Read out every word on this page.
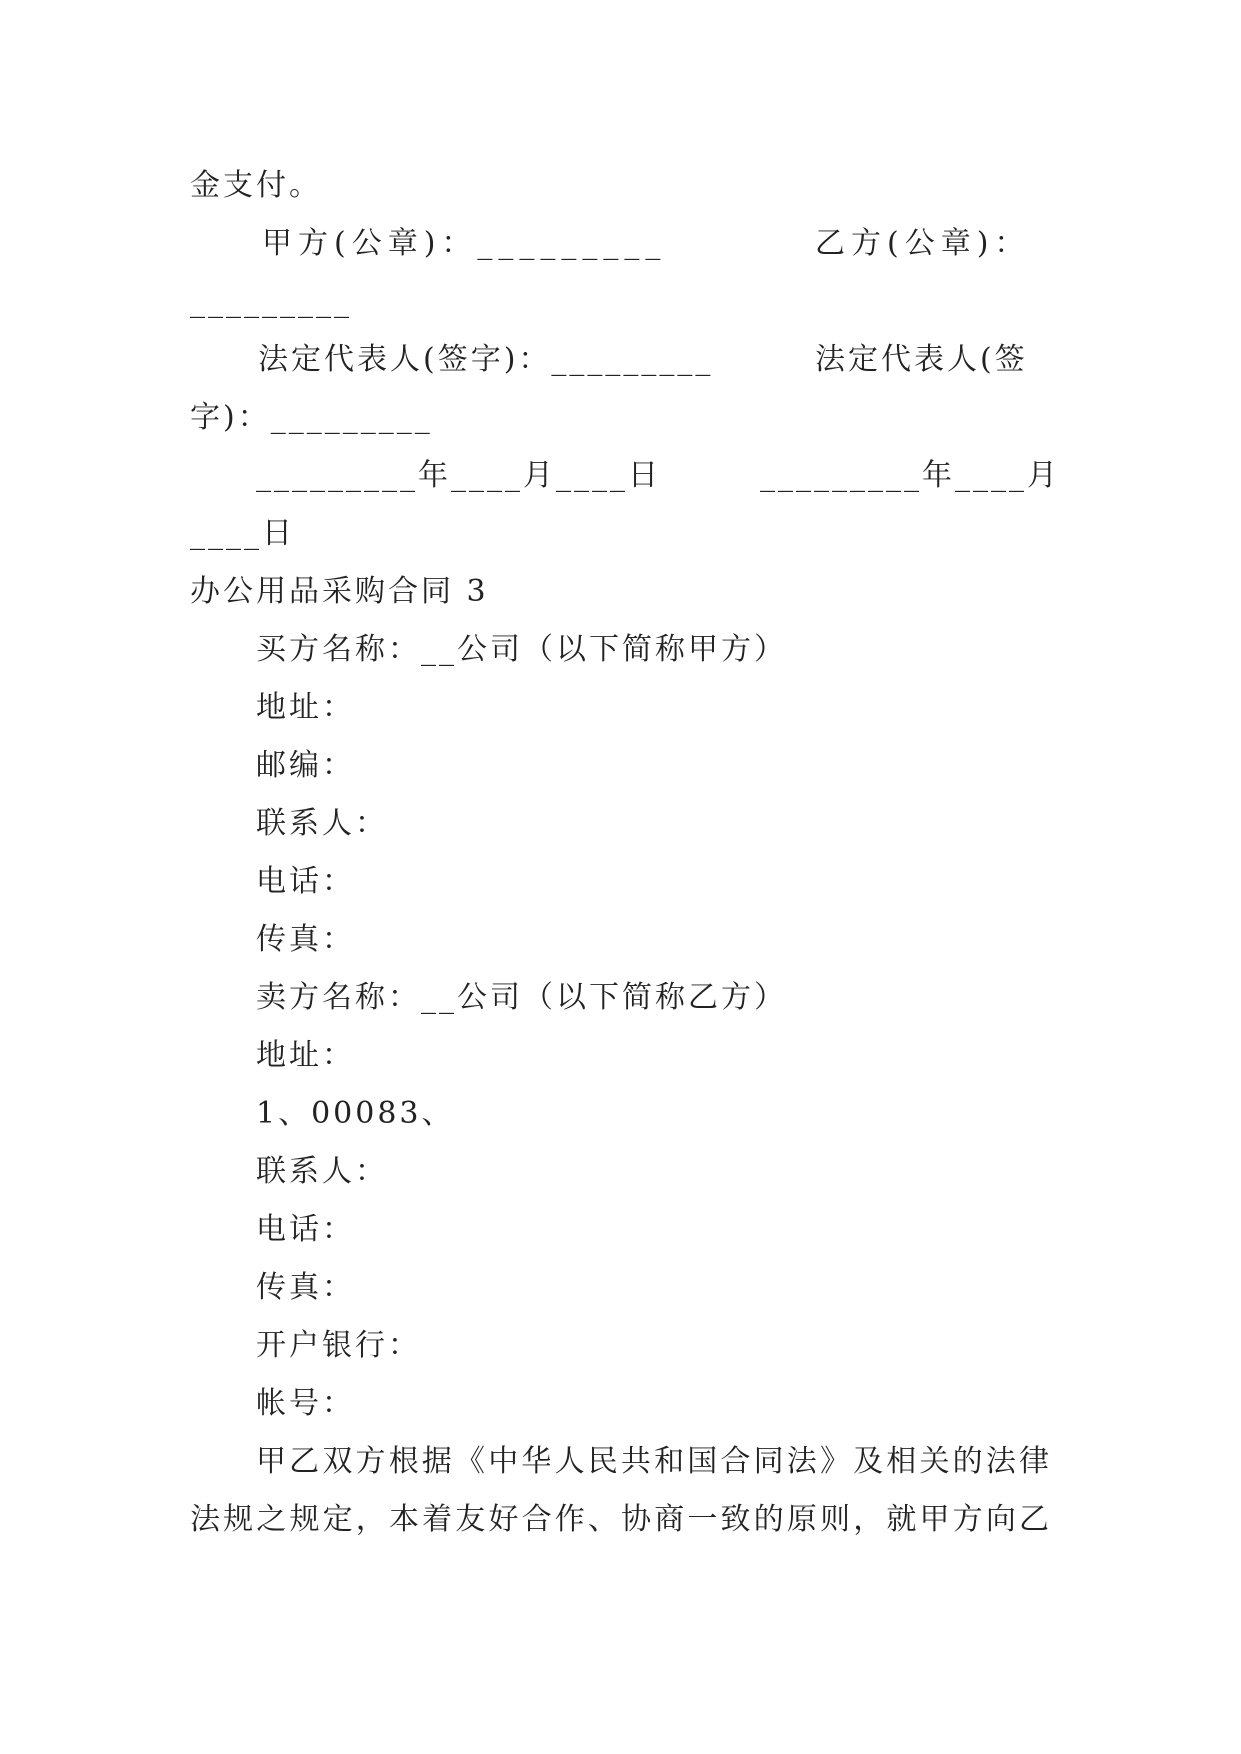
金支付。
甲方(公章)：_________	乙方(公章)：
_________
法定代表人(签字)：_________	法定代表人(签
字)：_________
_________年____月____日	_________年____月
____日
办公用品采购合同 3
买方名称：__公司（以下简称甲方）
地址：
邮编：
联系人：
电话：
传真：
卖方名称：__公司（以下简称乙方）
地址：
1、00083、
联系人：
电话：
传真：
开户银行：
帐号：
甲乙双方根据《中华人民共和国合同法》及相关的法律
法规之规定，本着友好合作、协商一致的原则，就甲方向乙
